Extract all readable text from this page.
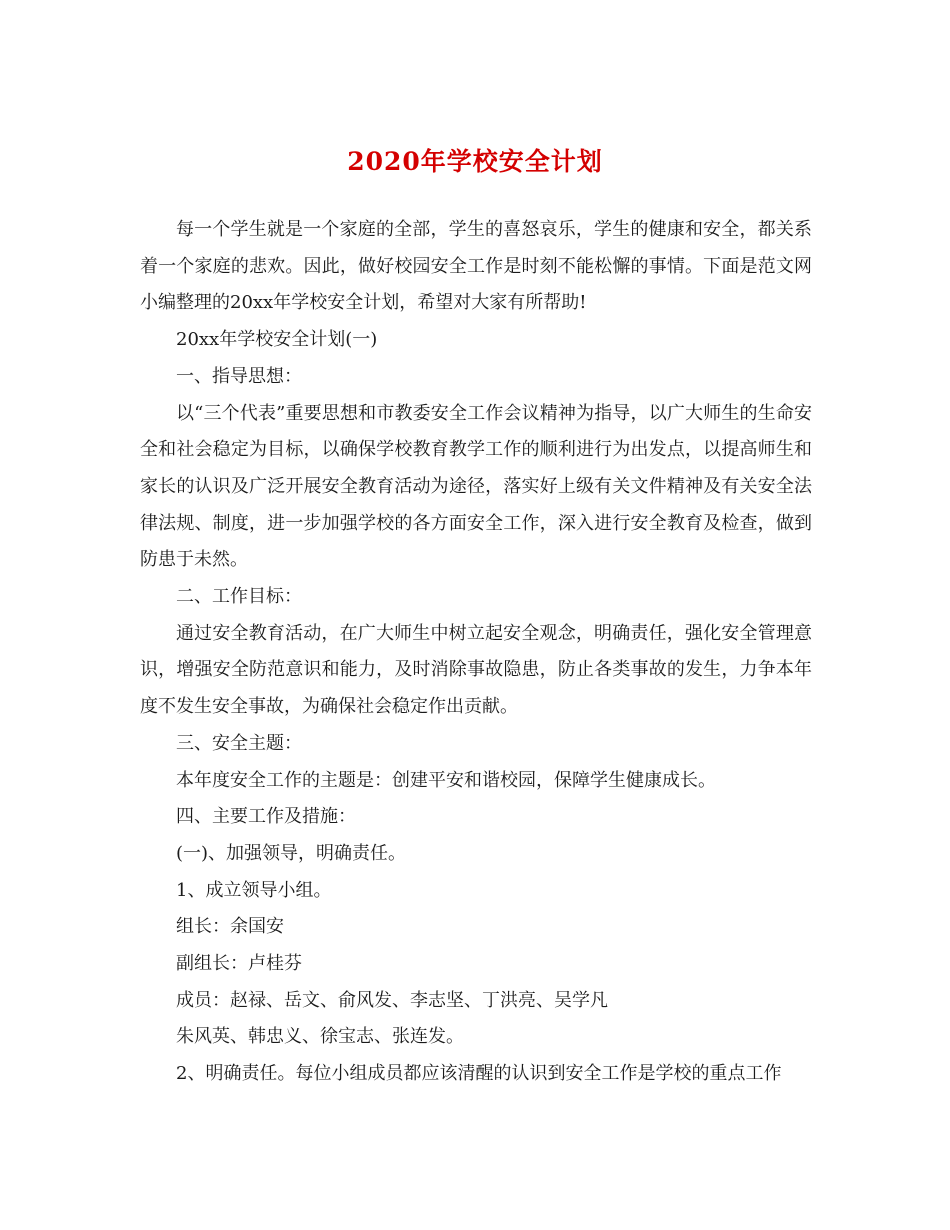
2020年学校安全计划

每一个学生就是一个家庭的全部，学生的喜怒哀乐，学生的健康和安全，都关系着一个家庭的悲欢。因此，做好校园安全工作是时刻不能松懈的事情。下面是范文网小编整理的20xx年学校安全计划，希望对大家有所帮助!

20xx年学校安全计划(一)

一、指导思想：

以“三个代表”重要思想和市教委安全工作会议精神为指导，以广大师生的生命安全和社会稳定为目标，以确保学校教育教学工作的顺利进行为出发点，以提高师生和家长的认识及广泛开展安全教育活动为途径，落实好上级有关文件精神及有关安全法律法规、制度，进一步加强学校的各方面安全工作，深入进行安全教育及检查，做到防患于未然。

二、工作目标：

通过安全教育活动，在广大师生中树立起安全观念，明确责任，强化安全管理意识，增强安全防范意识和能力，及时消除事故隐患，防止各类事故的发生，力争本年度不发生安全事故，为确保社会稳定作出贡献。

三、安全主题：

本年度安全工作的主题是：创建平安和谐校园，保障学生健康成长。

四、主要工作及措施：

(一)、加强领导，明确责任。

1、成立领导小组。

组长：余国安

副组长：卢桂芬

成员：赵禄、岳文、俞风发、李志坚、丁洪亮、吴学凡

朱风英、韩忠义、徐宝志、张连发。

2、明确责任。每位小组成员都应该清醒的认识到安全工作是学校的重点工作
